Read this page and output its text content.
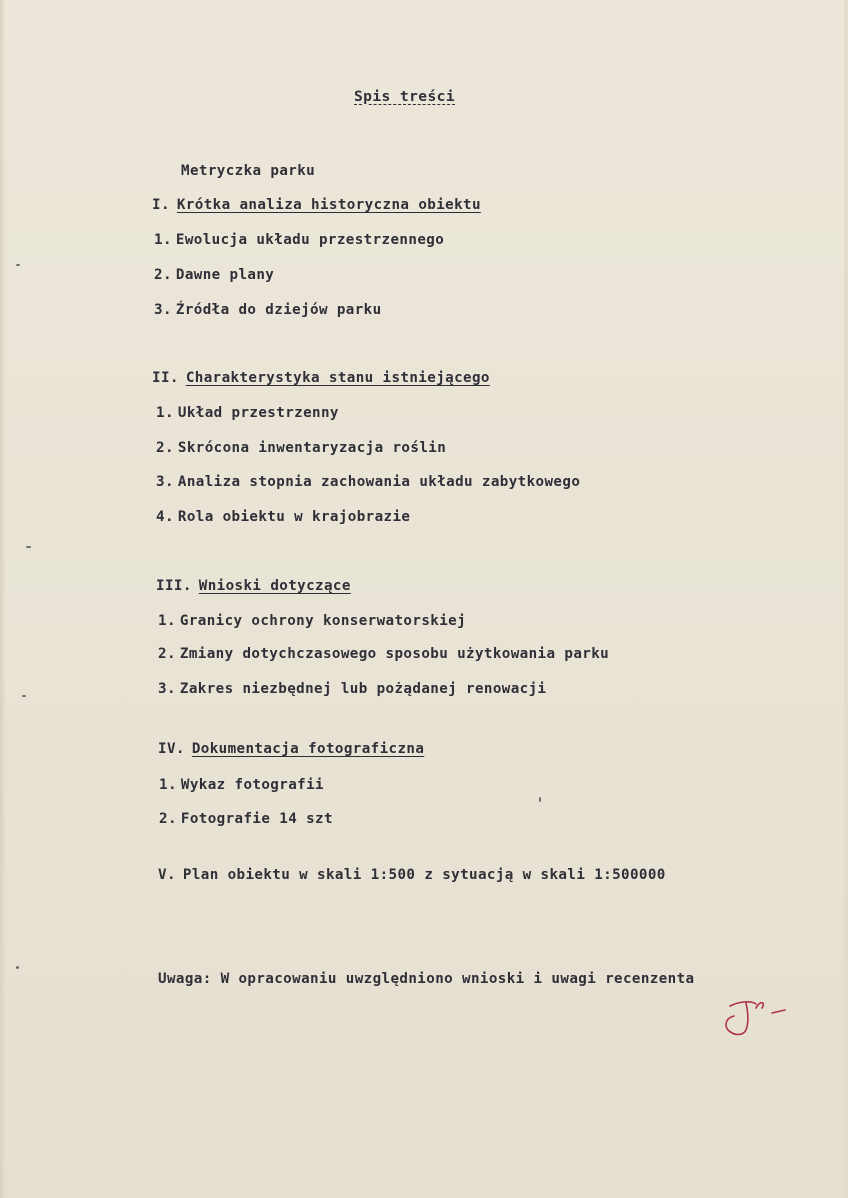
Spis treści
Metryczka parku
I. Krótka analiza historyczna obiektu
1. Ewolucja układu przestrzennego
2. Dawne plany
3. Źródła do dziejów parku
II. Charakterystyka stanu istniejącego
1. Układ przestrzenny
2. Skrócona inwentaryzacja roślin
3. Analiza stopnia zachowania układu zabytkowego
4. Rola obiektu w krajobrazie
III. Wnioski dotyczące
1. Granicy ochrony konserwatorskiej
2. Zmiany dotychczasowego sposobu użytkowania parku
3. Zakres niezbędnej lub pożądanej renowacji
IV. Dokumentacja fotograficzna
1. Wykaz fotografii
2. Fotografie 14 szt
V. Plan obiektu w skali 1:500 z sytuacją w skali 1:500000
Uwaga: W opracowaniu uwzględniono wnioski i uwagi recenzenta
